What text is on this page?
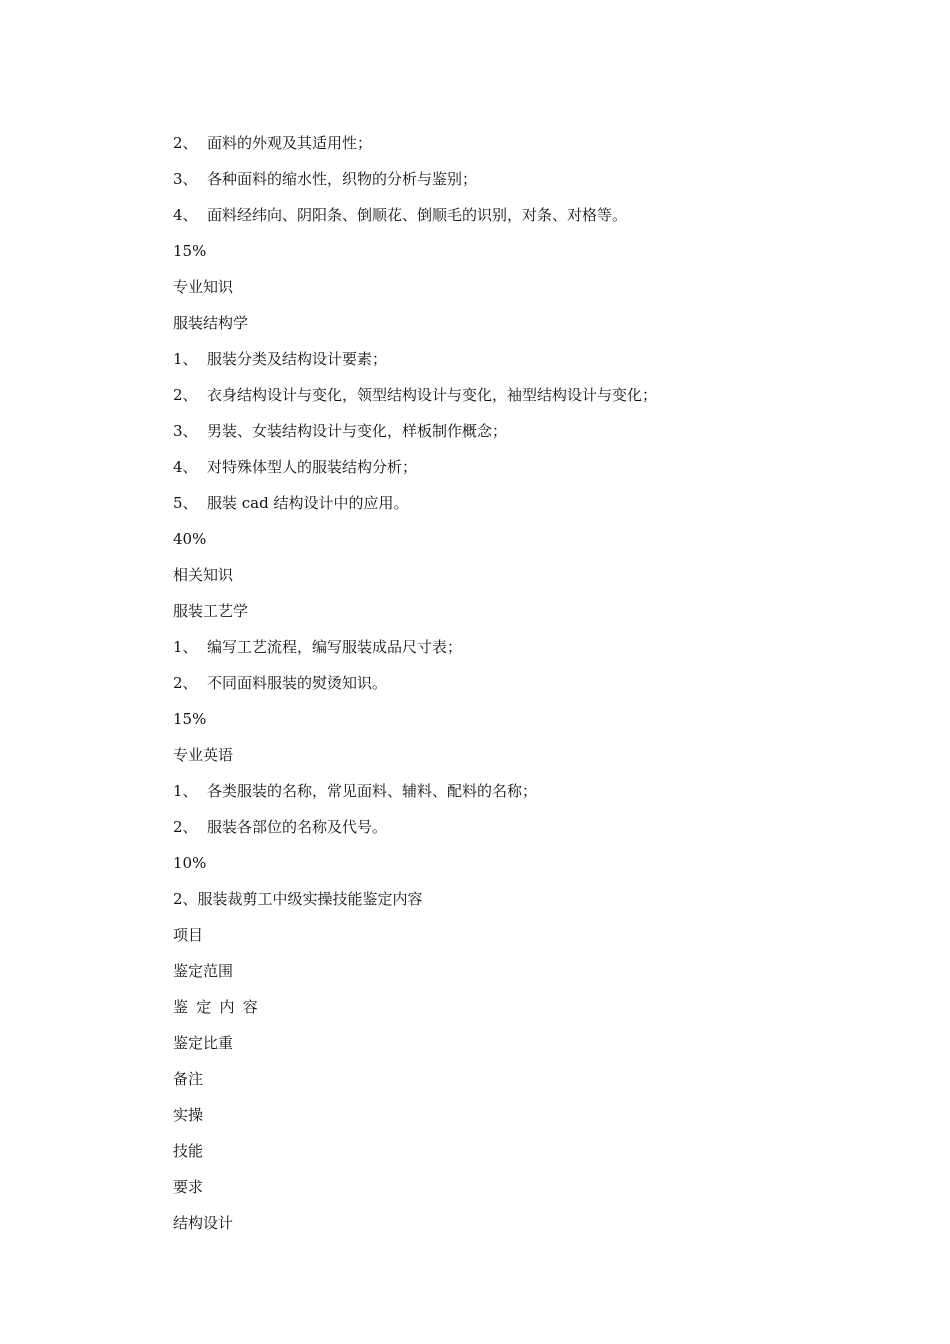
2、 面料的外观及其适用性；
3、 各种面料的缩水性，织物的分析与鉴别；
4、 面料经纬向、阴阳条、倒顺花、倒顺毛的识别，对条、对格等。
15%
专业知识
服装结构学
1、 服装分类及结构设计要素；
2、 衣身结构设计与变化，领型结构设计与变化，袖型结构设计与变化；
3、 男装、女装结构设计与变化，样板制作概念；
4、 对特殊体型人的服装结构分析；
5、 服装 cad 结构设计中的应用。
40%
相关知识
服装工艺学
1、 编写工艺流程，编写服装成品尺寸表；
2、 不同面料服装的熨烫知识。
15%
专业英语
1、 各类服装的名称，常见面料、辅料、配料的名称；
2、 服装各部位的名称及代号。
10%
2、服装裁剪工中级实操技能鉴定内容
项目
鉴定范围
鉴定内容
鉴定比重
备注
实操
技能
要求
结构设计
